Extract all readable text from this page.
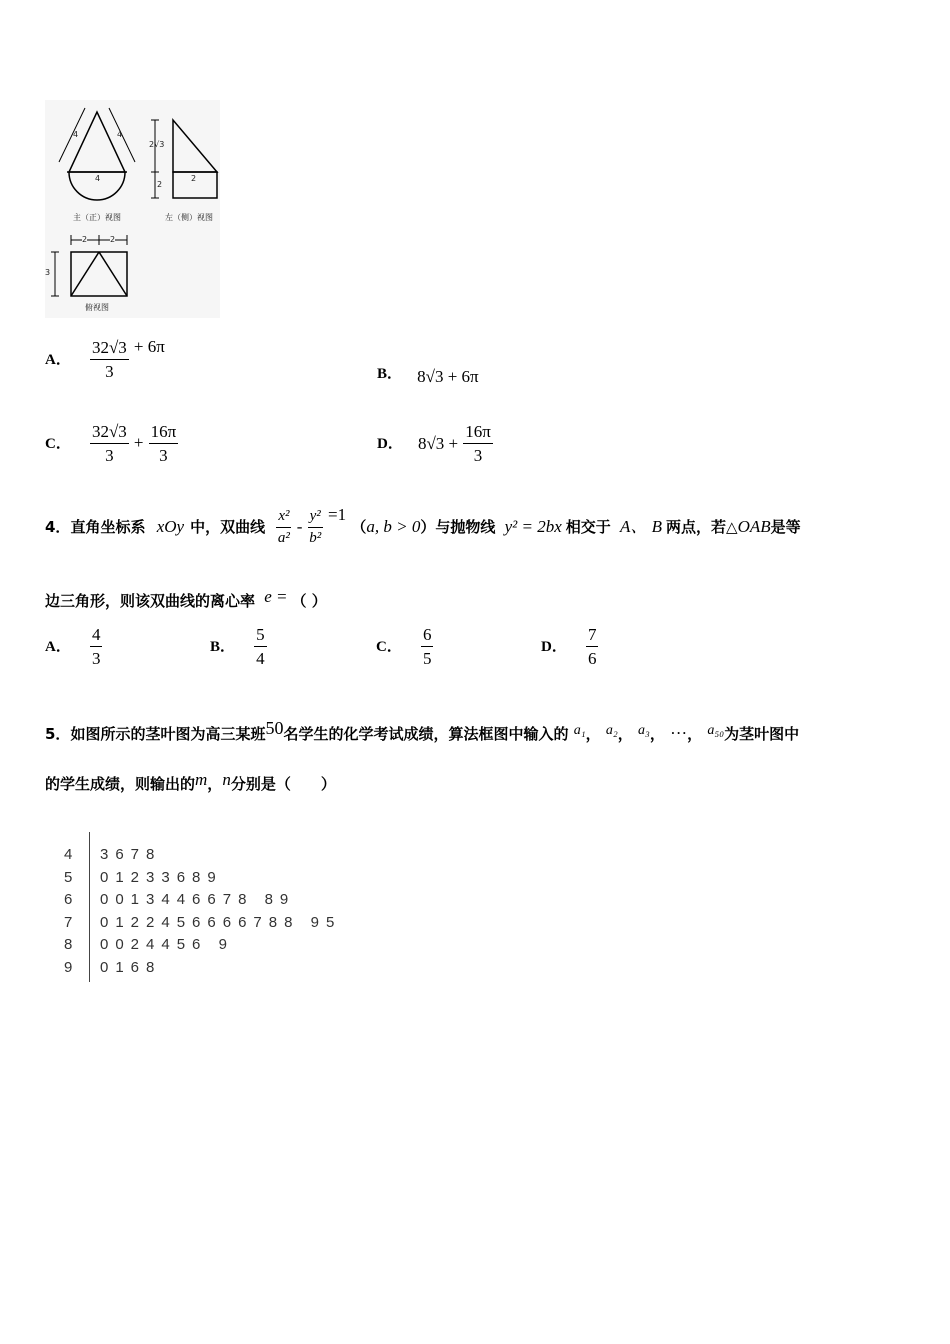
4	4
4
2√3
2
2
2	2
3
主（正）视图	左（侧）视图
俯视图
A． $\frac{32√3}{3} + 6\pi$
B． 8√3 + 6π
C． $\frac{32√3}{3} + \frac{16\pi}{3}$	D． $8√3 + \frac{16\pi}{3}$
4．直角坐标系 xOy 中，双曲线 $\frac{\text{x²}}{\text{a²}} - \frac{\text{y²}}{\text{b²}} =1$ （a, b > 0）与抛物线 y² = 2bx 相交于 A、 B 两点，若△OAB是等
边三角形，则该双曲线的离心率 e = （ ）
A． $\frac{4}{3}$	B． $\frac{5}{4}$	C． $\frac{6}{5}$	D． $\frac{7}{6}$
5．如图所示的茎叶图为高三某班50名学生的化学考试成绩，算法框图中输入的 a₁， a₂， a₃， …， a₅₀为茎叶图中
的学生成绩，则输出的m，n分别是（　　）
4 3678
5 01233689
6 0013446678 89
7 0122456666788 95
8 0024456 9
9 0168
